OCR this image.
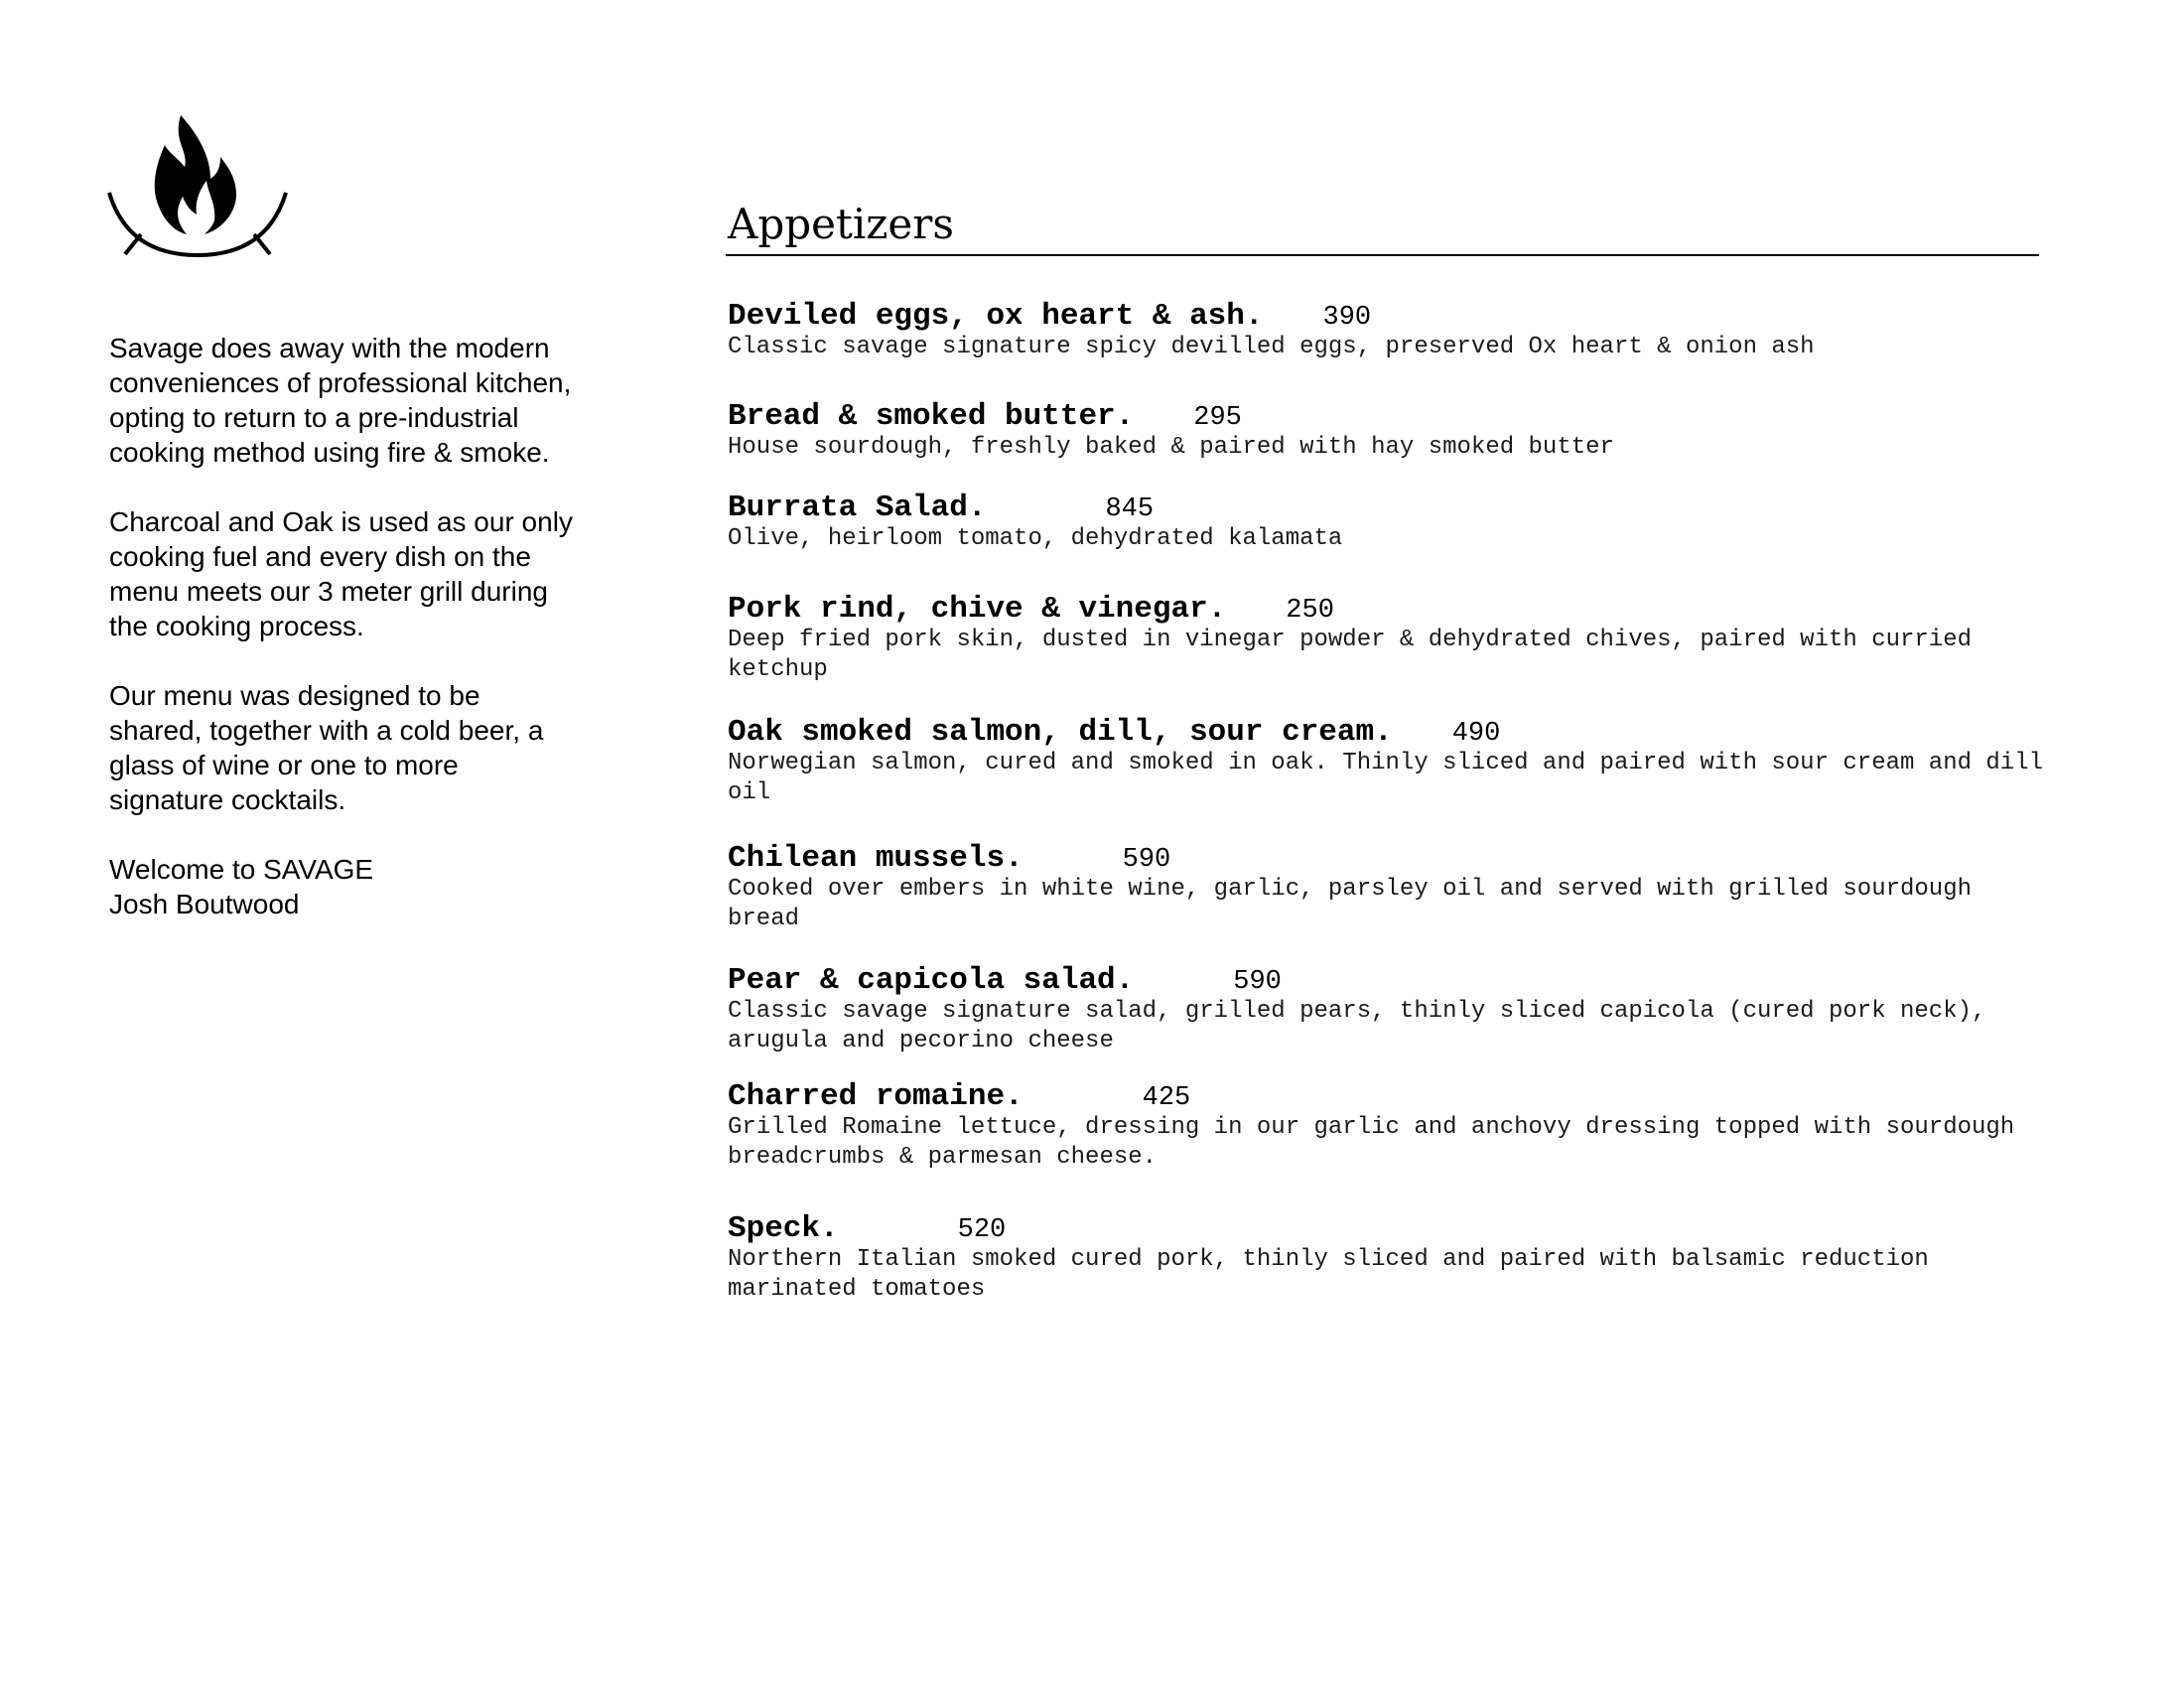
Savage does away with the modern
conveniences of professional kitchen,
opting to return to a pre-industrial
cooking method using fire & smoke.

Charcoal and Oak is used as our only
cooking fuel and every dish on the
menu meets our 3 meter grill during
the cooking process.

Our menu was designed to be
shared, together with a cold beer, a
glass of wine or one to more
signature cocktails.

Welcome to SAVAGE
Josh Boutwood

Appetizers
Deviled eggs, ox heart & ash. 390
Classic savage signature spicy devilled eggs, preserved Ox heart & onion ash
Bread & smoked butter. 295
House sourdough, freshly baked & paired with hay smoked butter
Burrata Salad.	845
Olive, heirloom tomato, dehydrated kalamata
Pork rind, chive & vinegar. 250
Deep fried pork skin, dusted in vinegar powder & dehydrated chives, paired with curried ketchup
Oak smoked salmon, dill, sour cream. 490
Norwegian salmon, cured and smoked in oak. Thinly sliced and paired with sour cream and dill oil
Chilean mussels.	590
Cooked over embers in white wine, garlic, parsley oil and served with grilled sourdough bread
Pear & capicola salad.	590
Classic savage signature salad, grilled pears, thinly sliced capicola (cured pork neck), arugula and pecorino cheese
Charred romaine.	425
Grilled Romaine lettuce, dressing in our garlic and anchovy dressing topped with sourdough breadcrumbs & parmesan cheese.
Speck.	520
Northern Italian smoked cured pork, thinly sliced and paired with balsamic reduction marinated tomatoes
